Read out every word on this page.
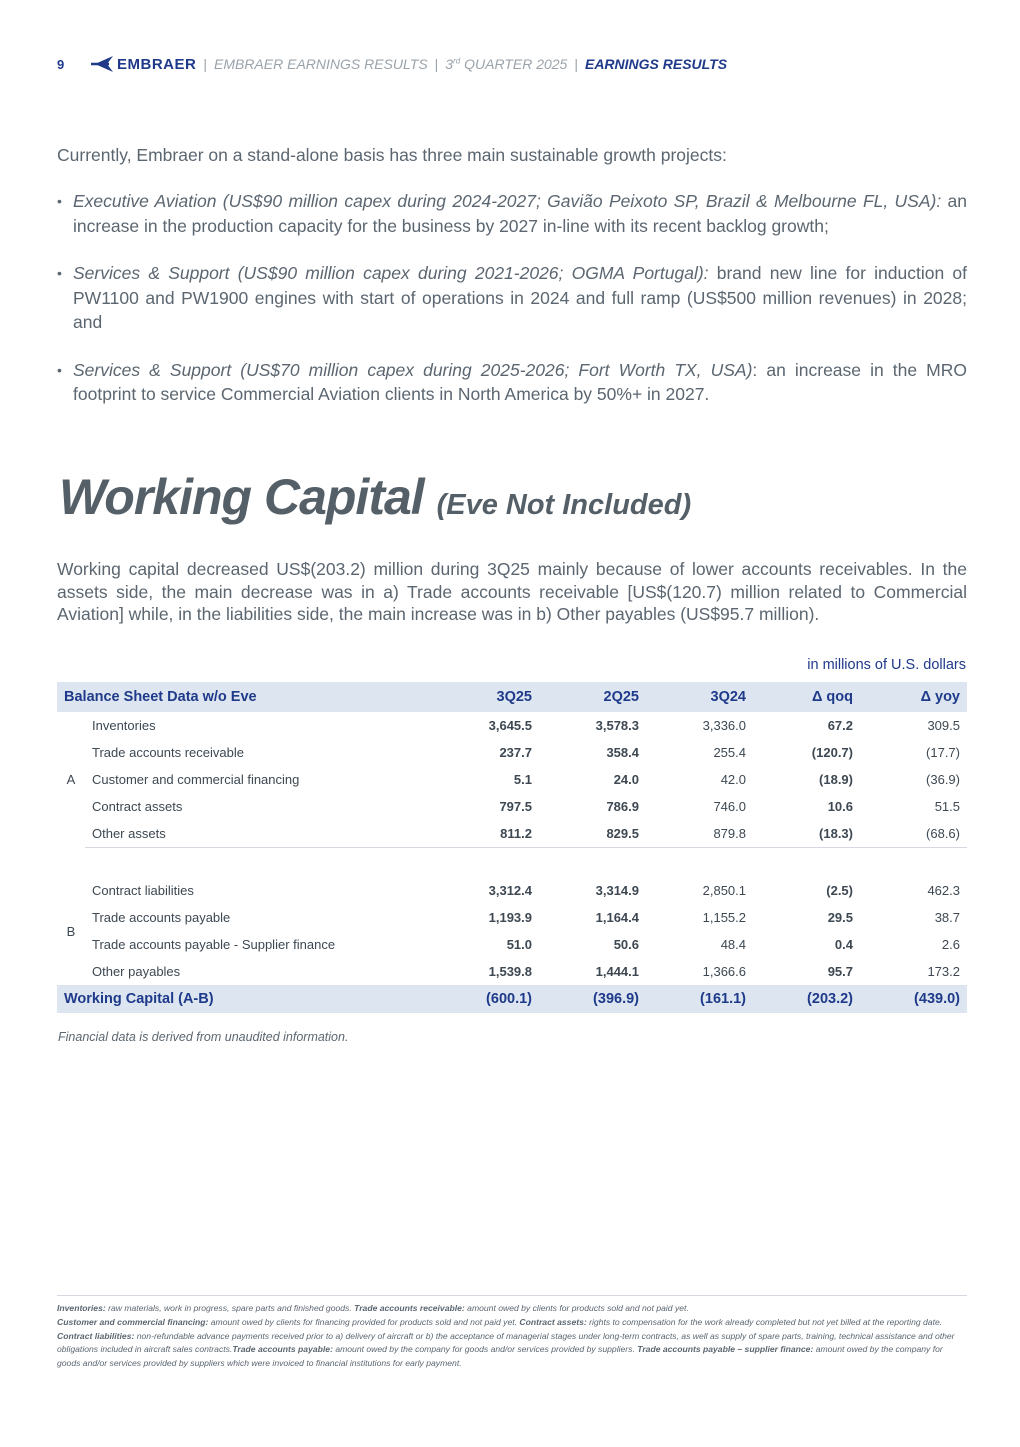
9	EMBRAER | EMBRAER EARNINGS RESULTS | 3rd QUARTER 2025 | EARNINGS RESULTS

Currently, Embraer on a stand-alone basis has three main sustainable growth projects:

• Executive Aviation (US$90 million capex during 2024-2027; Gavião Peixoto SP, Brazil & Melbourne FL, USA): an increase in the production capacity for the business by 2027 in-line with its recent backlog growth;
• Services & Support (US$90 million capex during 2021-2026; OGMA Portugal): brand new line for induction of PW1100 and PW1900 engines with start of operations in 2024 and full ramp (US$500 million revenues) in 2028; and
• Services & Support (US$70 million capex during 2025-2026; Fort Worth TX, USA): an increase in the MRO footprint to service Commercial Aviation clients in North America by 50%+ in 2027.
Working Capital (Eve Not Included)

Working capital decreased US$(203.2) million during 3Q25 mainly because of lower accounts receivables. In the assets side, the main decrease was in a) Trade accounts receivable [US$(120.7) million related to Commercial Aviation] while, in the liabilities side, the main increase was in b) Other payables (US$95.7 million).

in millions of U.S. dollars
Balance Sheet Data w/o Eve		3Q25	2Q25	3Q24	Δ qoq	Δ yoy
A	Inventories	3,645.5	3,578.3	3,336.0	67.2	309.5
	Trade accounts receivable	237.7	358.4	255.4	(120.7)	(17.7)
	Customer and commercial financing	5.1	24.0	42.0	(18.9)	(36.9)
	Contract assets	797.5	786.9	746.0	10.6	51.5
	Other assets	811.2	829.5	879.8	(18.3)	(68.6)

B	Contract liabilities	3,312.4	3,314.9	2,850.1	(2.5)	462.3
	Trade accounts payable	1,193.9	1,164.4	1,155.2	29.5	38.7
	Trade accounts payable - Supplier finance	51.0	50.6	48.4	0.4	2.6
	Other payables	1,539.8	1,444.1	1,366.6	95.7	173.2
Working Capital (A-B)		(600.1)	(396.9)	(161.1)	(203.2)	(439.0)

Financial data is derived from unaudited information.

Inventories: raw materials, work in progress, spare parts and finished goods. Trade accounts receivable: amount owed by clients for products sold and not paid yet.
Customer and commercial financing: amount owed by clients for financing provided for products sold and not paid yet. Contract assets: rights to compensation for the work already completed but not yet billed at the reporting date. Contract liabilities: non-refundable advance payments received prior to a) delivery of aircraft or b) the acceptance of managerial stages under long-term contracts, as well as supply of spare parts, training, technical assistance and other obligations included in aircraft sales contracts.Trade accounts payable: amount owed by the company for goods and/or services provided by suppliers. Trade accounts payable – supplier finance: amount owed by the company for goods and/or services provided by suppliers which were invoiced to financial institutions for early payment.
